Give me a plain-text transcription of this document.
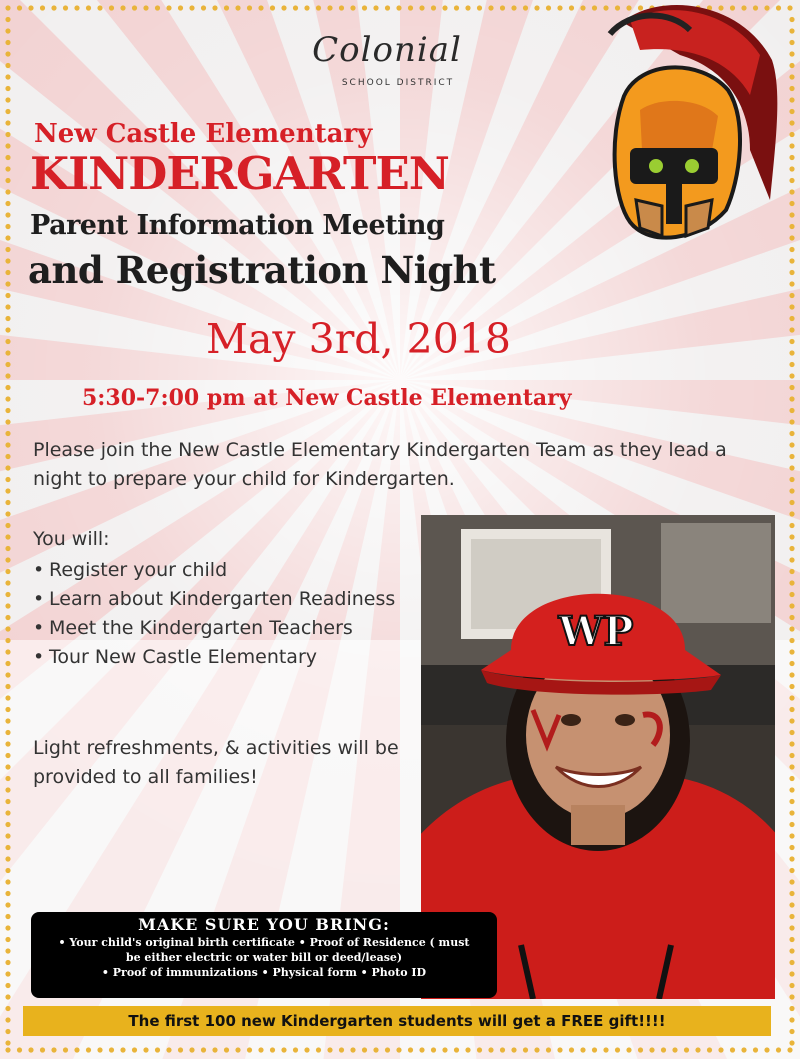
Colonial
SCHOOL DISTRICT
New Castle Elementary
KINDERGARTEN
Parent Information Meeting
and Registration Night
May 3rd, 2018
5:30-7:00 pm at New Castle Elementary
Please join the New Castle Elementary Kindergarten Team as they lead a night to prepare your child for Kindergarten.
You will:
• Register your child
• Learn about Kindergarten Readiness
• Meet the Kindergarten Teachers
• Tour New Castle Elementary
Light refreshments, & activities will be provided to all families!
WP
MAKE SURE YOU BRING:
• Your child's original birth certificate • Proof of Residence ( must
be either electric or water bill or deed/lease)
• Proof of immunizations • Physical form • Photo ID
The first 100 new Kindergarten students will get a FREE gift!!!!
